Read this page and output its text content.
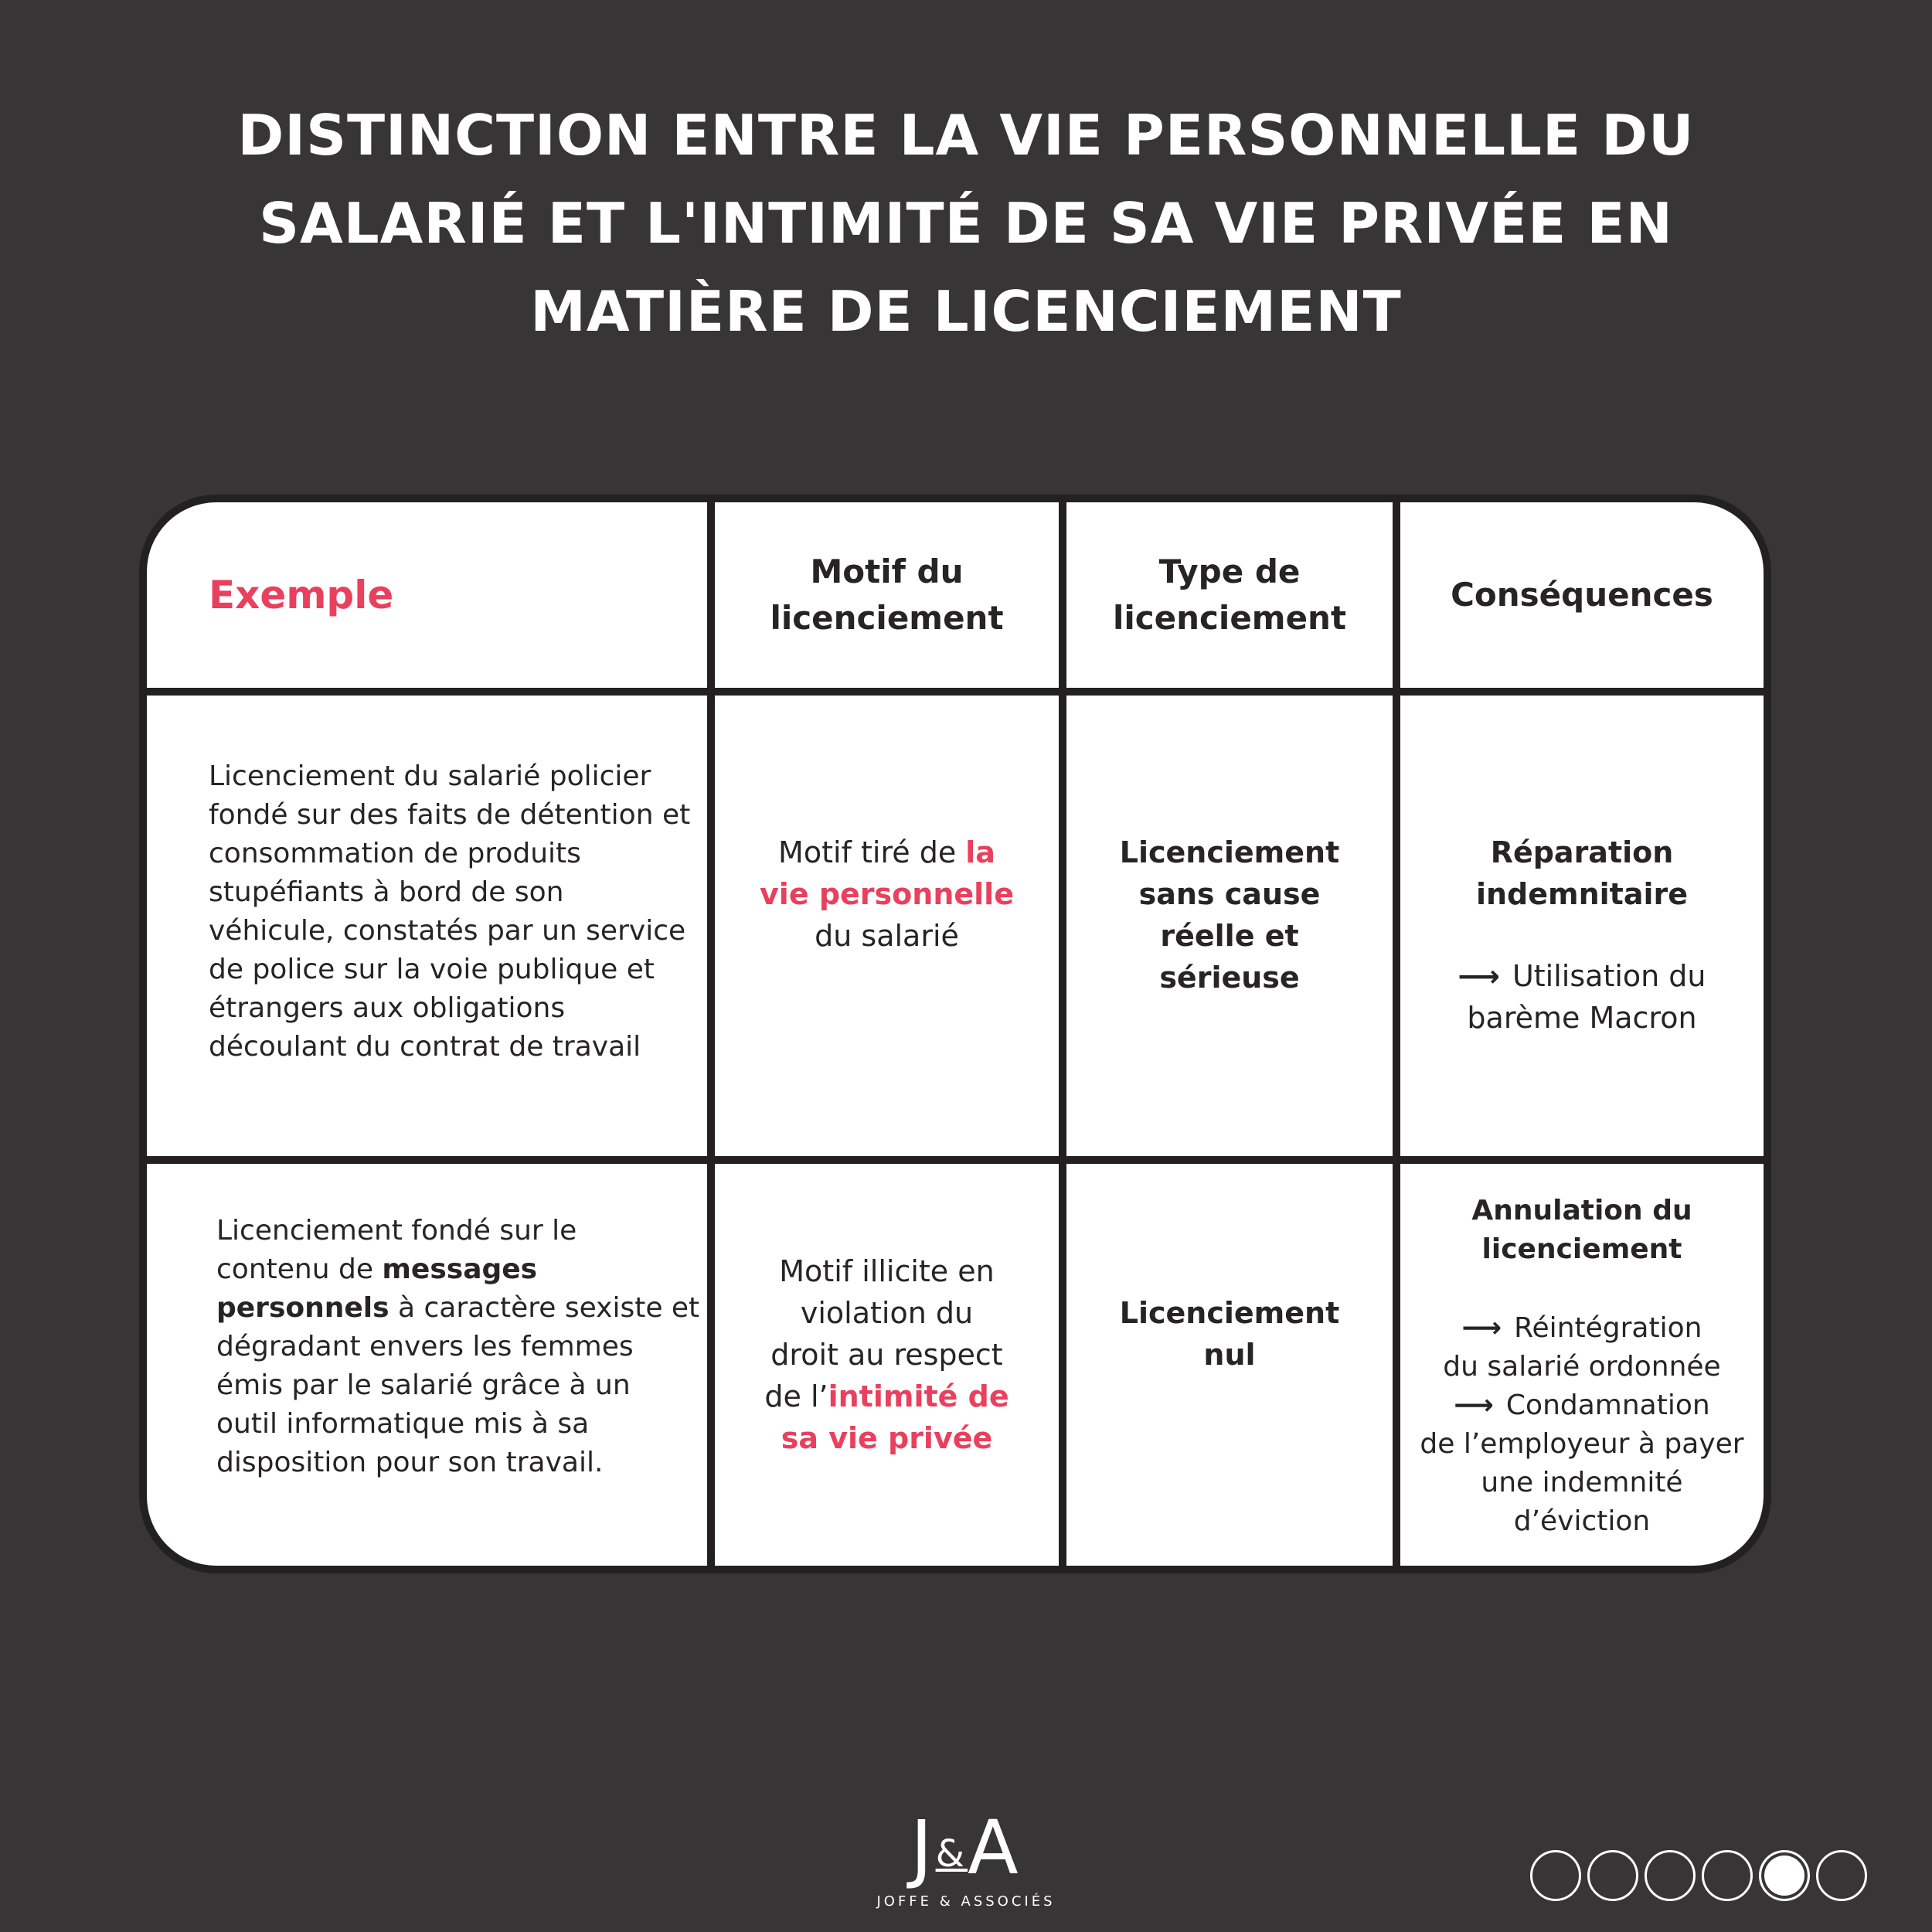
DISTINCTION ENTRE LA VIE PERSONNELLE DU
SALARIÉ ET L'INTIMITÉ DE SA VIE PRIVÉE EN
MATIÈRE DE LICENCIEMENT
Exemple
Motif du
licenciement
Type de
licenciement
Conséquences
Licenciement du salarié policier
fondé sur des faits de détention et
consommation de produits
stupéfiants à bord de son
véhicule, constatés par un service
de police sur la voie publique et
étrangers aux obligations
découlant du contrat de travail
Motif tiré de la
vie personnelle
du salarié
Licenciement
sans cause
réelle et
sérieuse
Réparation
indemnitaire
⟶ Utilisation du
barème Macron
Licenciement fondé sur le
contenu de messages
personnels à caractère sexiste et
dégradant envers les femmes
émis par le salarié grâce à un
outil informatique mis à sa
disposition pour son travail.
Motif illicite en
violation du
droit au respect
de l’intimité de
sa vie privée
Licenciement
nul
Annulation du
licenciement
⟶ Réintégration
du salarié ordonnée
⟶ Condamnation
de l’employeur à payer
une indemnité
d’éviction
J&A
JOFFE & ASSOCIÉS
